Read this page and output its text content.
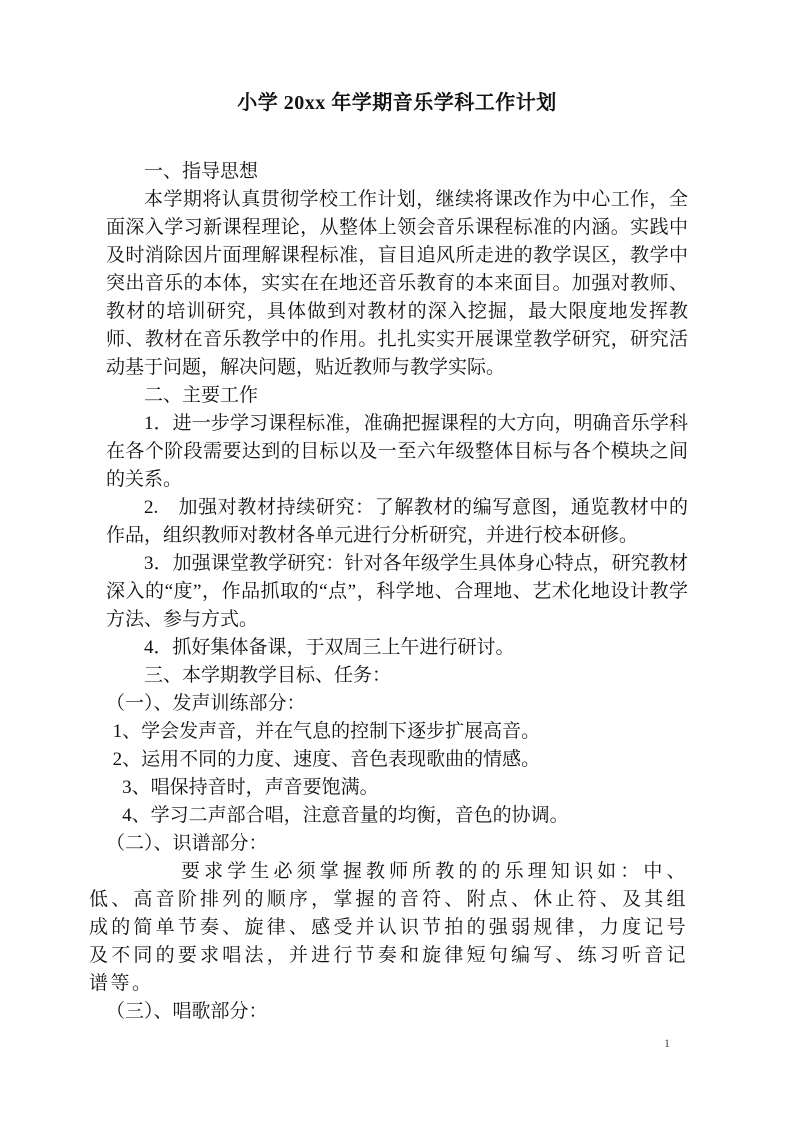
小学 20xx 年学期音乐学科工作计划

一、指导思想

本学期将认真贯彻学校工作计划，继续将课改作为中心工作，全面深入学习新课程理论，从整体上领会音乐课程标准的内涵。实践中及时消除因片面理解课程标准，盲目追风所走进的教学误区，教学中突出音乐的本体，实实在在地还音乐教育的本来面目。加强对教师、教材的培训研究，具体做到对教材的深入挖掘，最大限度地发挥教师、教材在音乐教学中的作用。扎扎实实开展课堂教学研究，研究活动基于问题，解决问题，贴近教师与教学实际。

二、主要工作

1．进一步学习课程标准，准确把握课程的大方向，明确音乐学科在各个阶段需要达到的目标以及一至六年级整体目标与各个模块之间的关系。

2.　加强对教材持续研究：了解教材的编写意图，通览教材中的作品，组织教师对教材各单元进行分析研究，并进行校本研修。

3．加强课堂教学研究：针对各年级学生具体身心特点，研究教材深入的“度”，作品抓取的“点”，科学地、合理地、艺术化地设计教学方法、参与方式。

4．抓好集体备课，于双周三上午进行研讨。

三、本学期教学目标、任务：

（一）、发声训练部分：

1、学会发声音，并在气息的控制下逐步扩展高音。

2、运用不同的力度、速度、音色表现歌曲的情感。

3、唱保持音时，声音要饱满。

4、学习二声部合唱，注意音量的均衡，音色的协调。

（二）、识谱部分：

要求学生必须掌握教师所教的的乐理知识如：中、低、高音阶排列的顺序，掌握的音符、附点、休止符、及其组成的简单节奏、旋律、感受并认识节拍的强弱规律，力度记号及不同的要求唱法，并进行节奏和旋律短句编写、练习听音记谱等。

（三）、唱歌部分：

1
